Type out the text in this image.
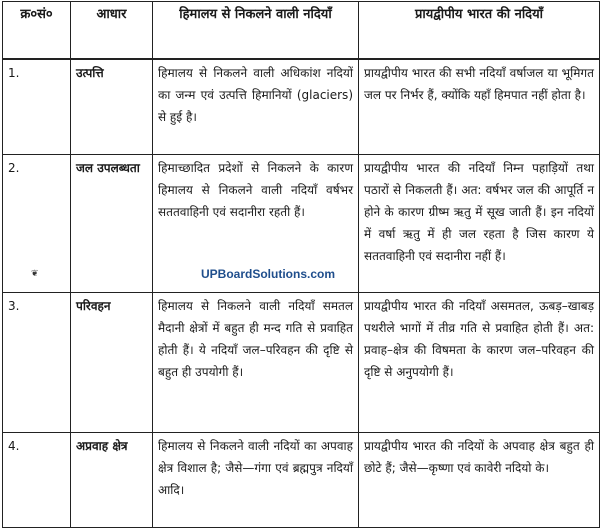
क्र०सं०	आधार	हिमालय से निकलने वाली नदियाँ	प्रायद्वीपीय भारत की नदियाँ
1.	उत्पत्ति	हिमालय से निकलने वाली अधिकांश नदियों का जन्म एवं उत्पत्ति हिमानियों (glaciers) से हुई है।	प्रायद्वीपीय भारत की सभी नदियाँ वर्षाजल या भूमिगत जल पर निर्भर हैं, क्योंकि यहाँ हिमपात नहीं होता है।
2.	जल उपलब्धता	हिमाच्छादित प्रदेशों से निकलने के कारण हिमालय से निकलने वाली नदियाँ वर्षभर सततवाहिनी एवं सदानीरा रहती हैं।	प्रायद्वीपीय भारत की नदियाँ निम्न पहाड़ियों तथा पठारों से निकलती हैं। अत: वर्षभर जल की आपूर्ति न होने के कारण ग्रीष्म ऋतु में सूख जाती हैं। इन नदियों में वर्षा ऋतु में ही जल रहता है जिस कारण ये सततवाहिनी एवं सदानीरा नहीं हैं।
3.	परिवहन	हिमालय से निकलने वाली नदियाँ समतल मैदानी क्षेत्रों में बहुत ही मन्द गति से प्रवाहित होती हैं। ये नदियाँ जल–परिवहन की दृष्टि से बहुत ही उपयोगी हैं।	प्रायद्वीपीय भारत की नदियाँ असमतल, ऊबड़–खाबड़ पथरीले भागों में तीव्र गति से प्रवाहित होती हैं। अत: प्रवाह–क्षेत्र की विषमता के कारण जल–परिवहन की दृष्टि से अनुपयोगी हैं।
4.	अप्रवाह क्षेत्र	हिमालय से निकलने वाली नदियों का अपवाह क्षेत्र विशाल है; जैसे—गंगा एवं ब्रह्मपुत्र नदियाँ आदि।	प्रायद्वीपीय भारत की नदियों के अपवाह क्षेत्र बहुत ही छोटे हैं; जैसे—कृष्णा एवं कावेरी नदियो के।
UPBoardSolutions.com
❦
